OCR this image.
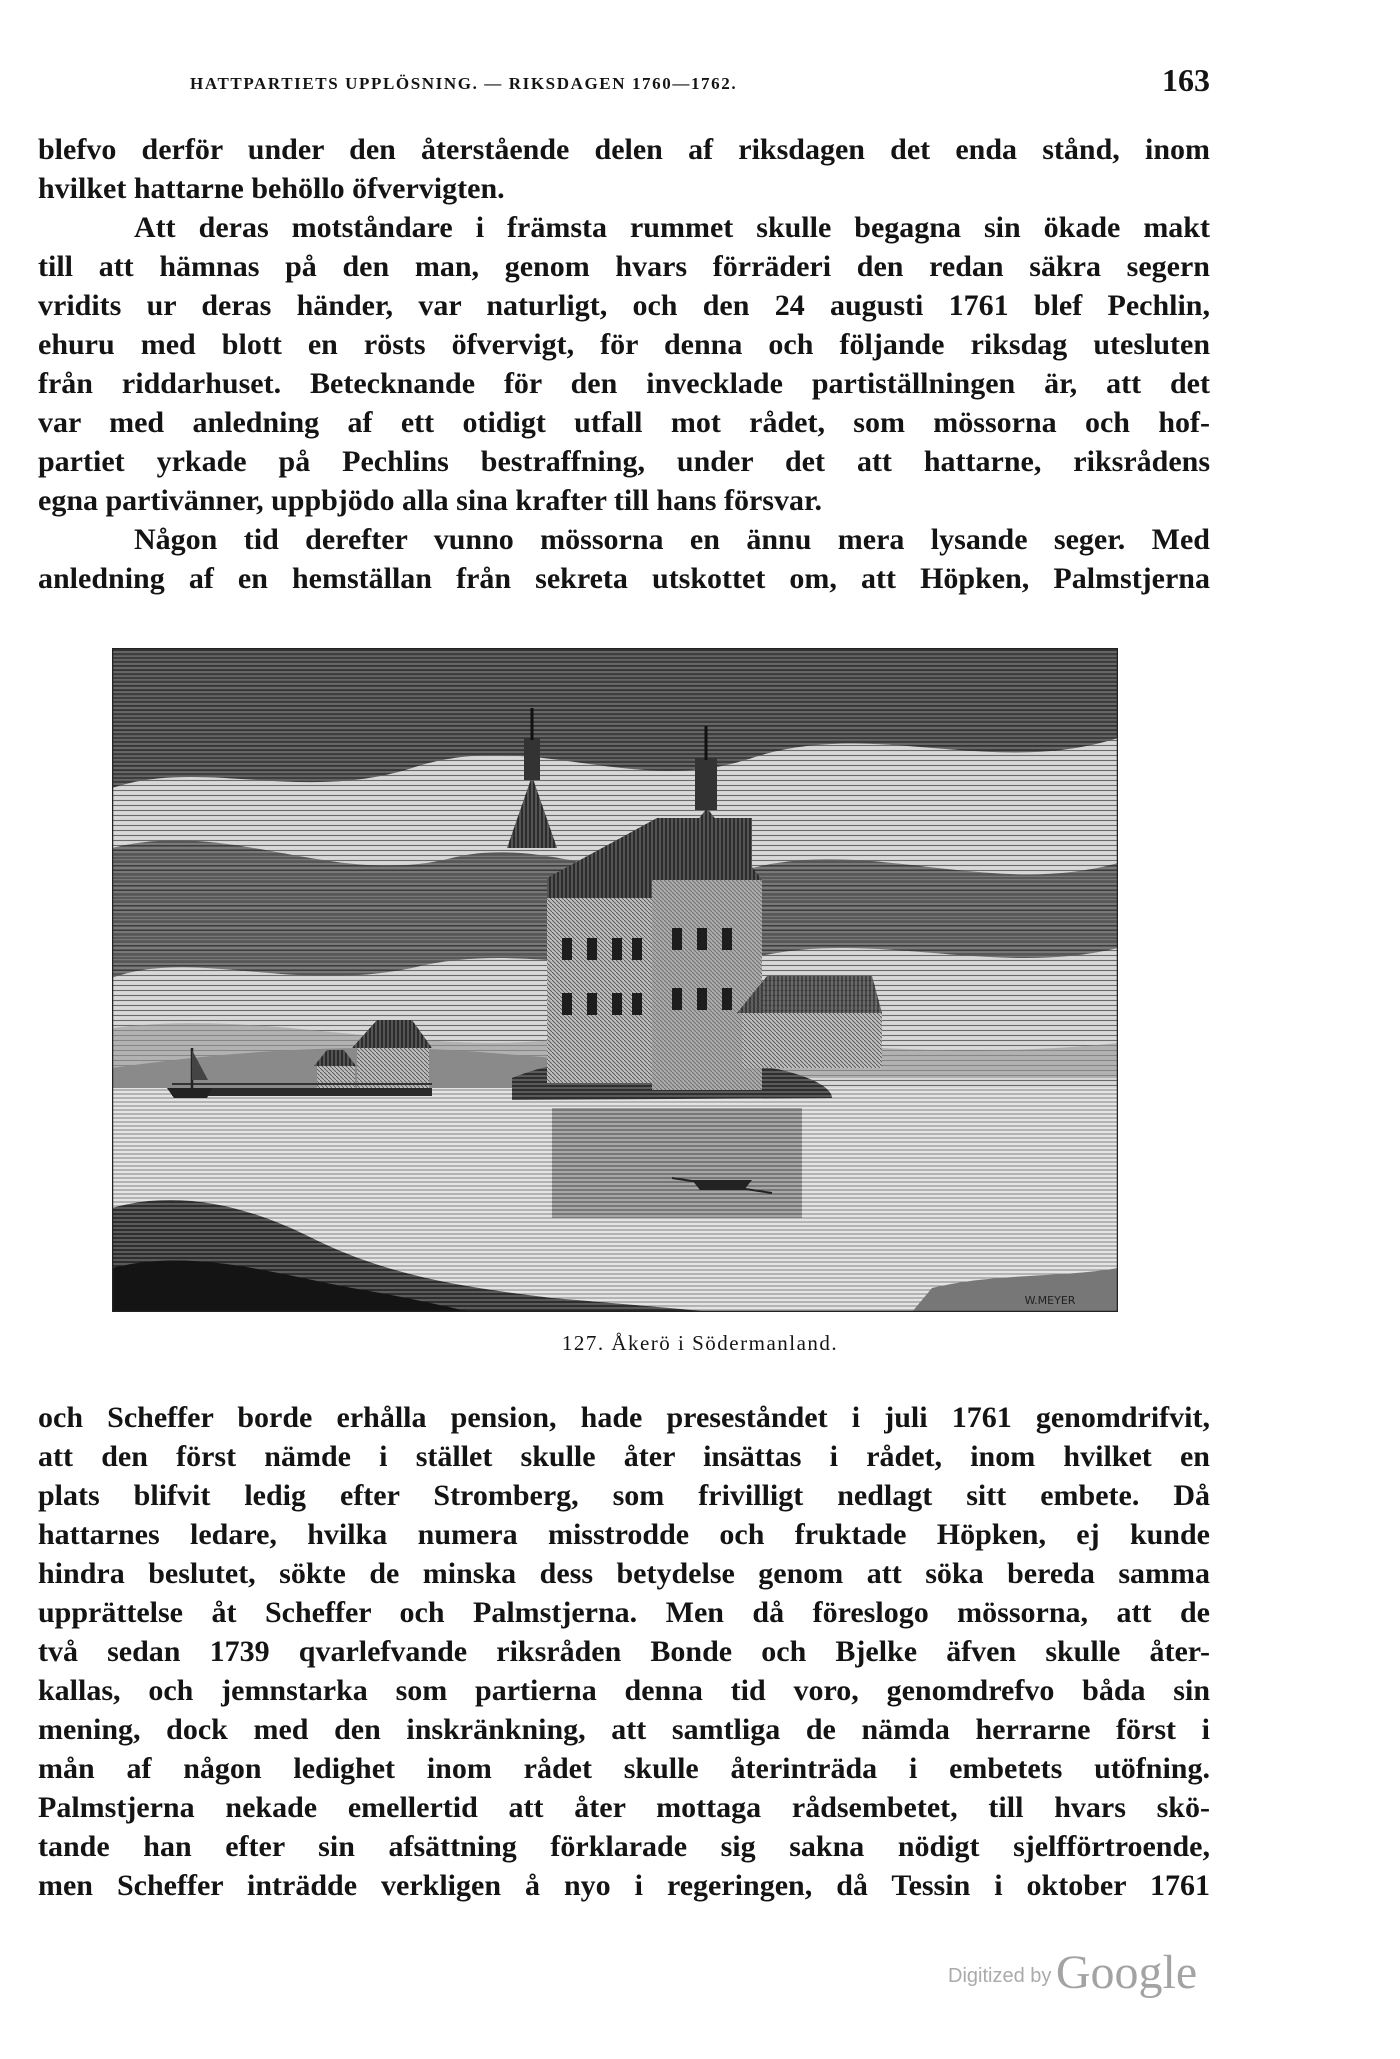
HATTPARTIETS UPPLÖSNING. — RIKSDAGEN 1760—1762.	163
blefvo derför under den återstående delen af riksdagen det enda stånd, inom
hvilket hattarne behöllo öfvervigten.
Att deras motståndare i främsta rummet skulle begagna sin ökade makt
till att hämnas på den man, genom hvars förräderi den redan säkra segern
vridits ur deras händer, var naturligt, och den 24 augusti 1761 blef Pechlin,
ehuru med blott en rösts öfvervigt, för denna och följande riksdag utesluten
från riddarhuset. Betecknande för den invecklade partiställningen är, att det
var med anledning af ett otidigt utfall mot rådet, som mössorna och hof-
partiet yrkade på Pechlins bestraffning, under det att hattarne, riksrådens
egna partivänner, uppbjödo alla sina krafter till hans försvar.
Någon tid derefter vunno mössorna en ännu mera lysande seger. Med
anledning af en hemställan från sekreta utskottet om, att Höpken, Palmstjerna
W.MEYER
127. Åkerö i Södermanland.
och Scheffer borde erhålla pension, hade preseståndet i juli 1761 genomdrifvit,
att den först nämde i stället skulle åter insättas i rådet, inom hvilket en
plats blifvit ledig efter Stromberg, som frivilligt nedlagt sitt embete. Då
hattarnes ledare, hvilka numera misstrodde och fruktade Höpken, ej kunde
hindra beslutet, sökte de minska dess betydelse genom att söka bereda samma
upprättelse åt Scheffer och Palmstjerna. Men då föreslogo mössorna, att de
två sedan 1739 qvarlefvande riksråden Bonde och Bjelke äfven skulle åter-
kallas, och jemnstarka som partierna denna tid voro, genomdrefvo båda sin
mening, dock med den inskränkning, att samtliga de nämda herrarne först i
mån af någon ledighet inom rådet skulle återinträda i embetets utöfning.
Palmstjerna nekade emellertid att åter mottaga rådsembetet, till hvars skö-
tande han efter sin afsättning förklarade sig sakna nödigt sjelfförtroende,
men Scheffer inträdde verkligen å nyo i regeringen, då Tessin i oktober 1761
Digitized by Google
